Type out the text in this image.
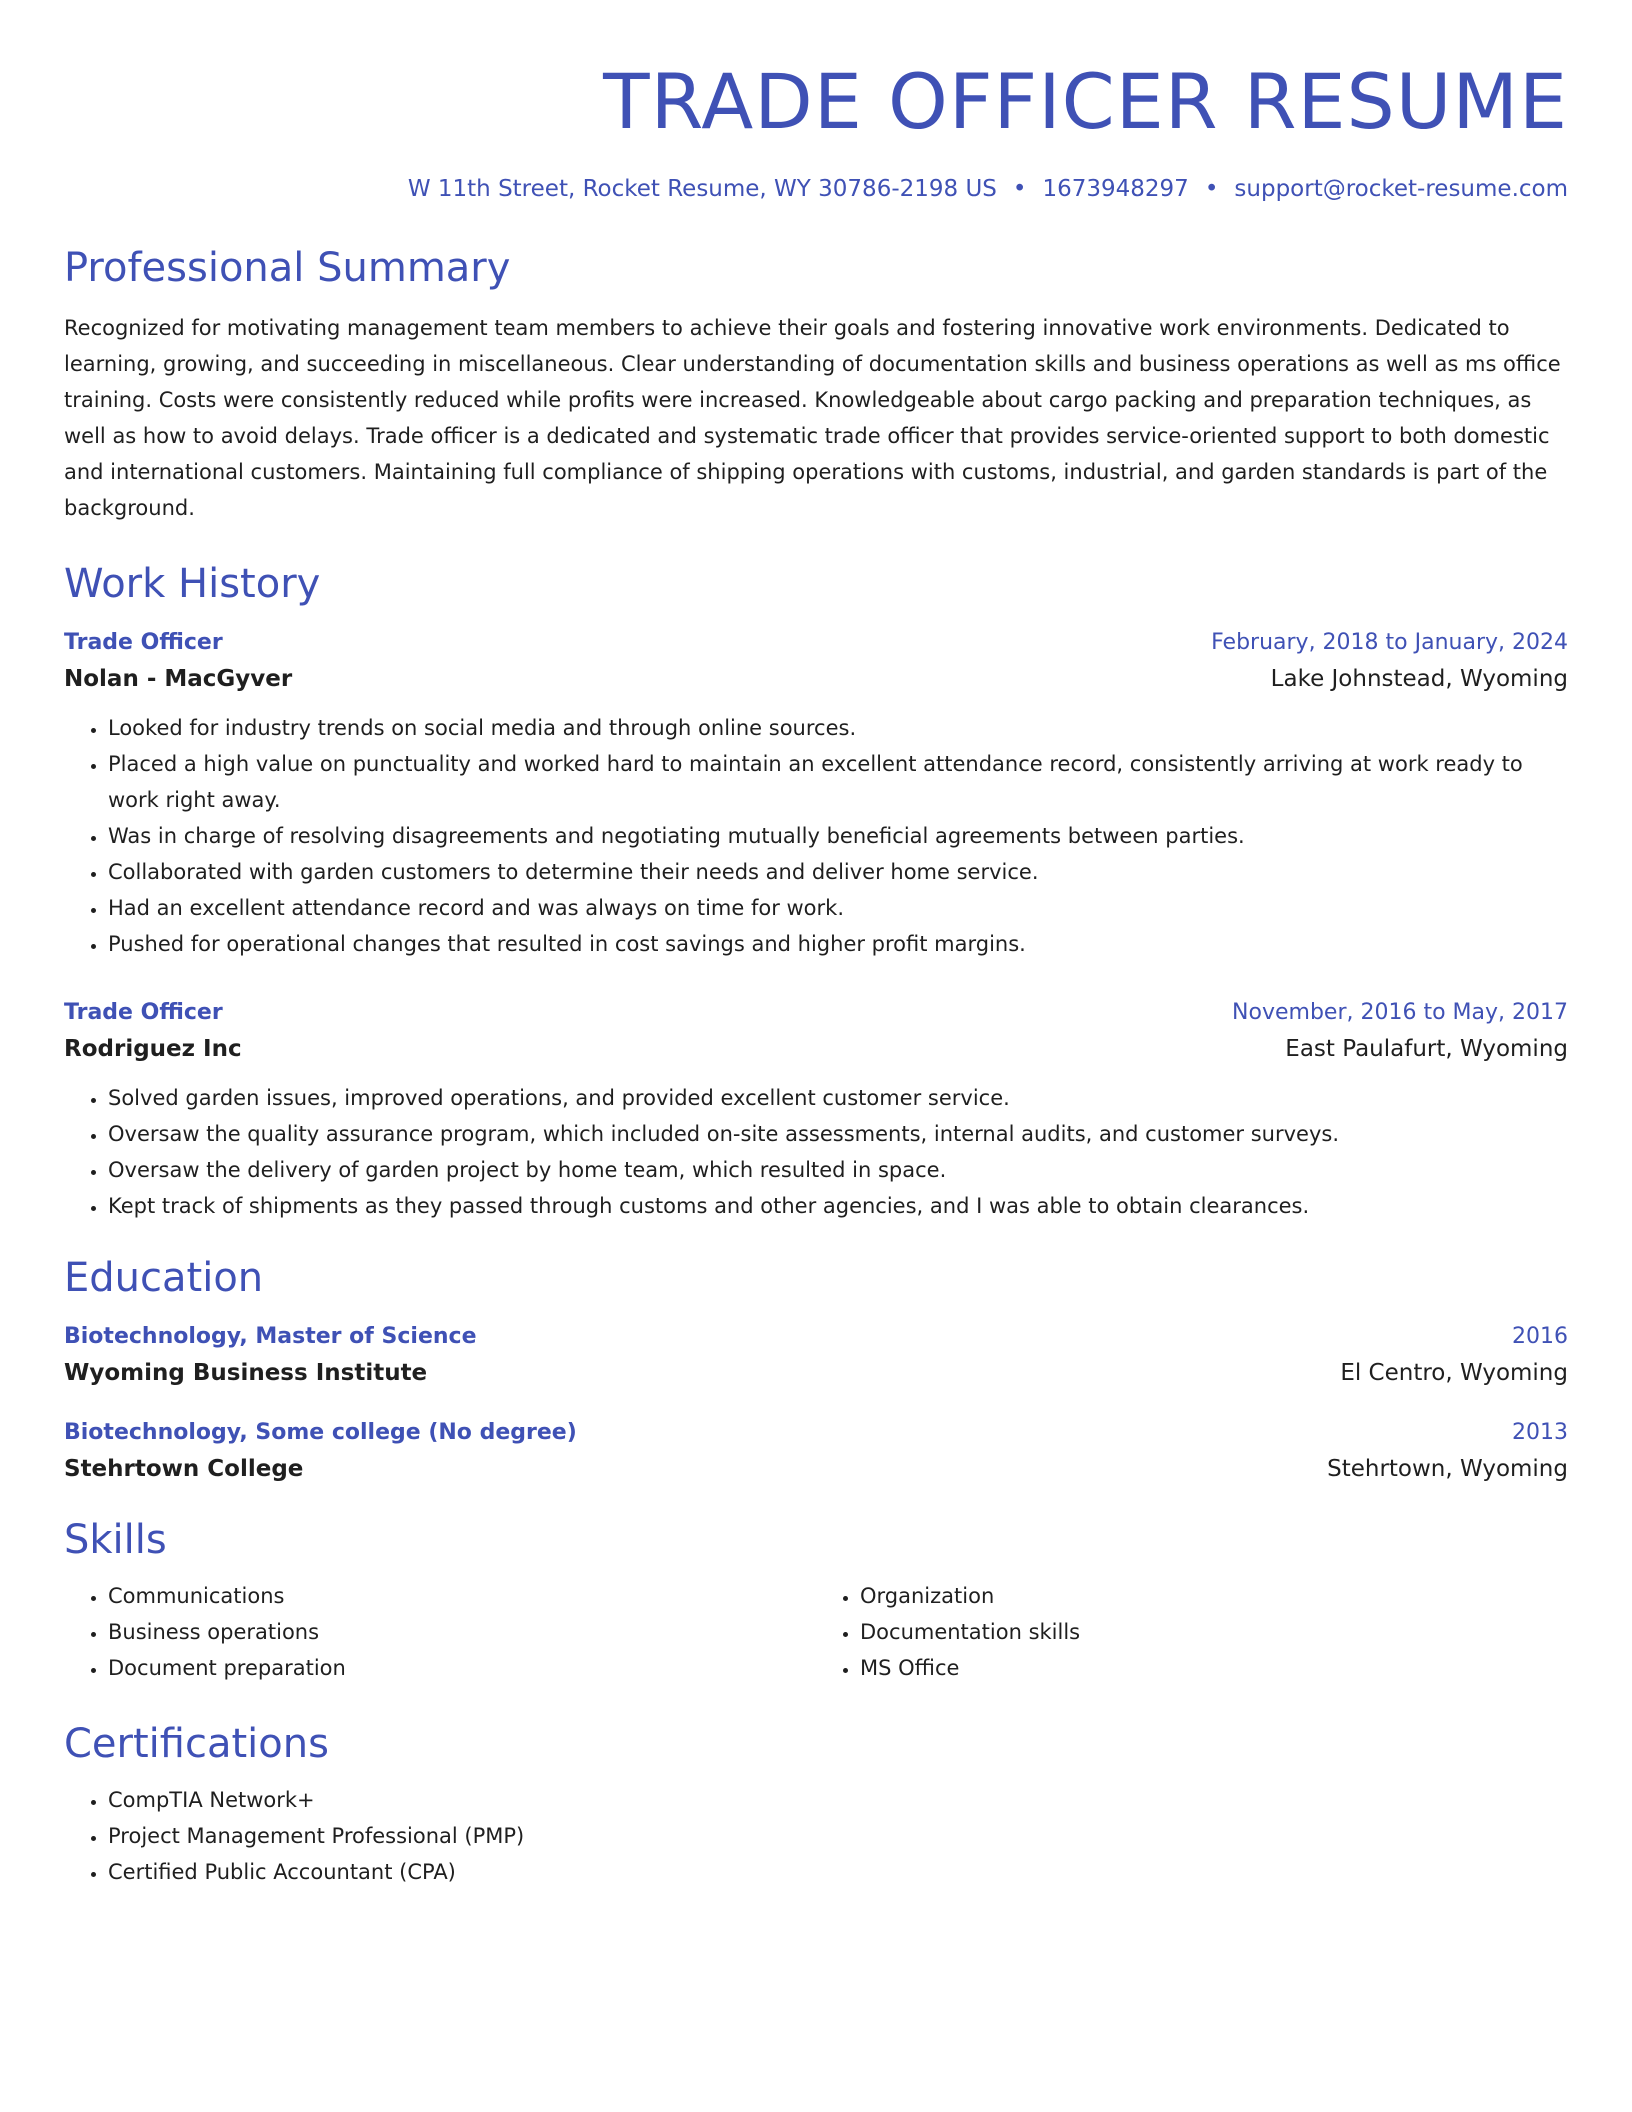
TRADE OFFICER RESUME
W 11th Street, Rocket Resume, WY 30786-2198 US • 1673948297 • support@rocket-resume.com
Professional Summary

Recognized for motivating management team members to achieve their goals and fostering innovative work environments. Dedicated to learning, growing, and succeeding in miscellaneous. Clear understanding of documentation skills and business operations as well as ms office training. Costs were consistently reduced while profits were increased. Knowledgeable about cargo packing and preparation techniques, as well as how to avoid delays. Trade officer is a dedicated and systematic trade officer that provides service-oriented support to both domestic and international customers. Maintaining full compliance of shipping operations with customs, industrial, and garden standards is part of the background.

Work History
Trade Officer	February, 2018 to January, 2024
Nolan - MacGyver	Lake Johnstead, Wyoming
• Looked for industry trends on social media and through online sources.
• Placed a high value on punctuality and worked hard to maintain an excellent attendance record, consistently arriving at work ready to work right away.
• Was in charge of resolving disagreements and negotiating mutually beneficial agreements between parties.
• Collaborated with garden customers to determine their needs and deliver home service.
• Had an excellent attendance record and was always on time for work.
• Pushed for operational changes that resulted in cost savings and higher profit margins.
Trade Officer	November, 2016 to May, 2017
Rodriguez Inc	East Paulafurt, Wyoming
• Solved garden issues, improved operations, and provided excellent customer service.
• Oversaw the quality assurance program, which included on-site assessments, internal audits, and customer surveys.
• Oversaw the delivery of garden project by home team, which resulted in space.
• Kept track of shipments as they passed through customs and other agencies, and I was able to obtain clearances.
Education
Biotechnology, Master of Science	2016
Wyoming Business Institute	El Centro, Wyoming
Biotechnology, Some college (No degree)	2013
Stehrtown College	Stehrtown, Wyoming
Skills
• Communications
• Business operations
• Document preparation
• Organization
• Documentation skills
• MS Office
Certifications
• CompTIA Network+
• Project Management Professional (PMP)
• Certified Public Accountant (CPA)
